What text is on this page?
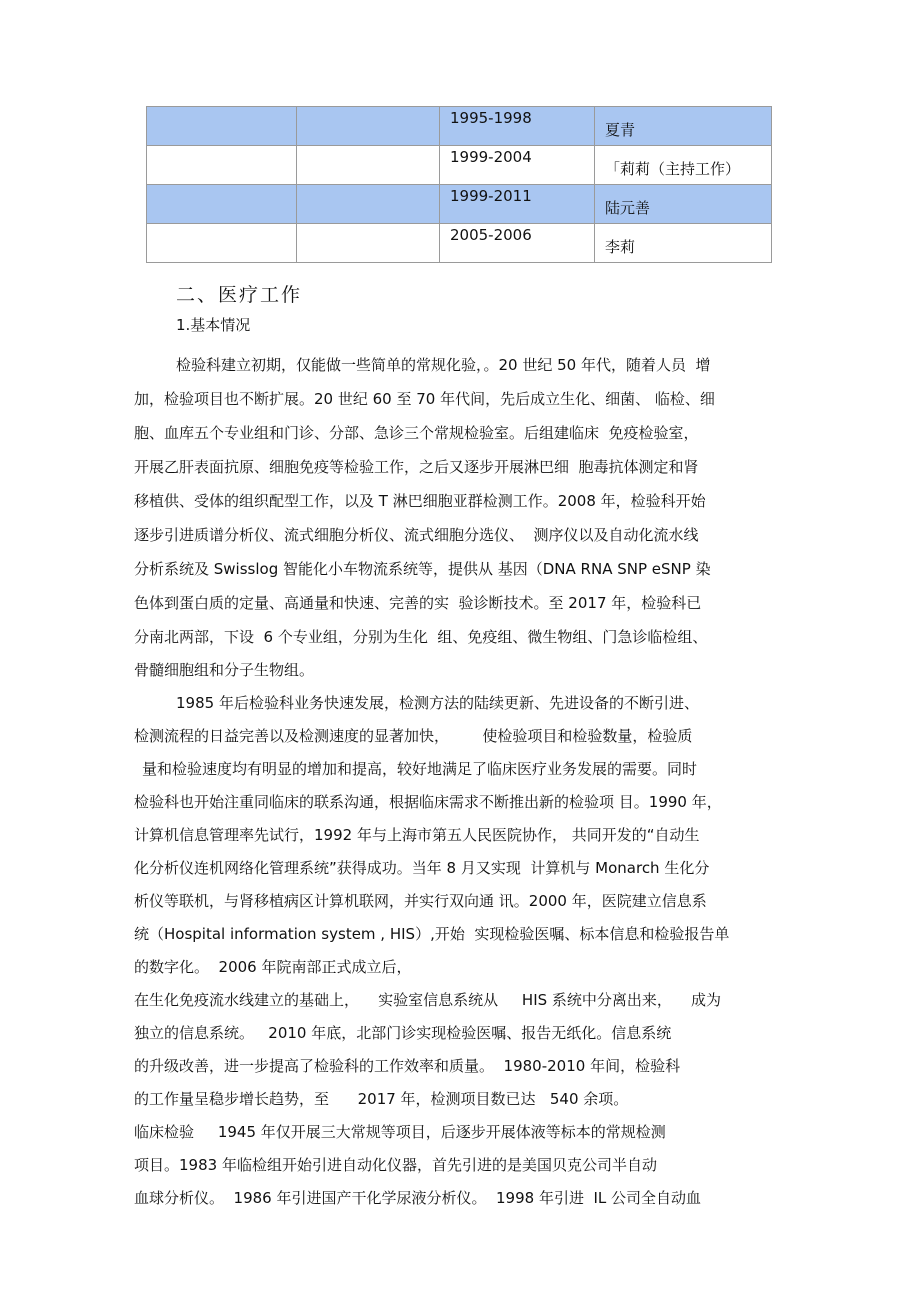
		1995-1998	夏青
		1999-2004	「莉莉（主持工作）
		1999-2011	陆元善
		2005-2006	李莉
二、医疗工作
1.基本情况
检验科建立初期，仅能做一些简单的常规化验，。20 世纪 50 年代，随着人员  增
加，检验项目也不断扩展。20 世纪 60 至 70 年代间，先后成立生化、细菌、 临检、细
胞、血库五个专业组和门诊、分部、急诊三个常规检验室。后组建临床  免疫检验室，
开展乙肝表面抗原、细胞免疫等检验工作，之后又逐步开展淋巴细  胞毒抗体测定和肾
移植供、受体的组织配型工作，以及 T 淋巴细胞亚群检测工作。2008 年，检验科开始
逐步引进质谱分析仪、流式细胞分析仪、流式细胞分选仪、  测序仪以及自动化流水线
分析系统及 Swisslog 智能化小车物流系统等，提供从 基因（DNA RNA SNP eSNP 染
色体到蛋白质的定量、高通量和快速、完善的实  验诊断技术。至 2017 年，检验科已
分南北两部，下设  6 个专业组，分别为生化  组、免疫组、微生物组、门急诊临检组、
骨髓细胞组和分子生物组。
1985 年后检验科业务快速发展，检测方法的陆续更新、先进设备的不断引进、
检测流程的日益完善以及检测速度的显著加快，       使检验项目和检验数量，检验质
量和检验速度均有明显的增加和提高，较好地满足了临床医疗业务发展的需要。同时
检验科也开始注重同临床的联系沟通，根据临床需求不断推出新的检验项 目。1990 年，
计算机信息管理率先试行，1992 年与上海市第五人民医院协作， 共同开发的“自动生
化分析仪连机网络化管理系统”获得成功。当年 8 月又实现  计算机与 Monarch 生化分
析仪等联机，与肾移植病区计算机联网，并实行双向通 讯。2000 年，医院建立信息系
统（Hospital information system , HIS）,开始  实现检验医嘱、标本信息和检验报告单
的数字化。  2006 年院南部正式成立后，
在生化免疫流水线建立的基础上，    实验室信息系统从     HIS 系统中分离出来，    成为
独立的信息系统。   2010 年底，北部门诊实现检验医嘱、报告无纸化。信息系统
的升级改善，进一步提高了检验科的工作效率和质量。  1980-2010 年间，检验科
的工作量呈稳步增长趋势，至      2017 年，检测项目数已达   540 余项。
临床检验     1945 年仅开展三大常规等项目，后逐步开展体液等标本的常规检测
项目。1983 年临检组开始引进自动化仪器，首先引进的是美国贝克公司半自动
血球分析仪。  1986 年引进国产干化学尿液分析仪。  1998 年引进  IL 公司全自动血
